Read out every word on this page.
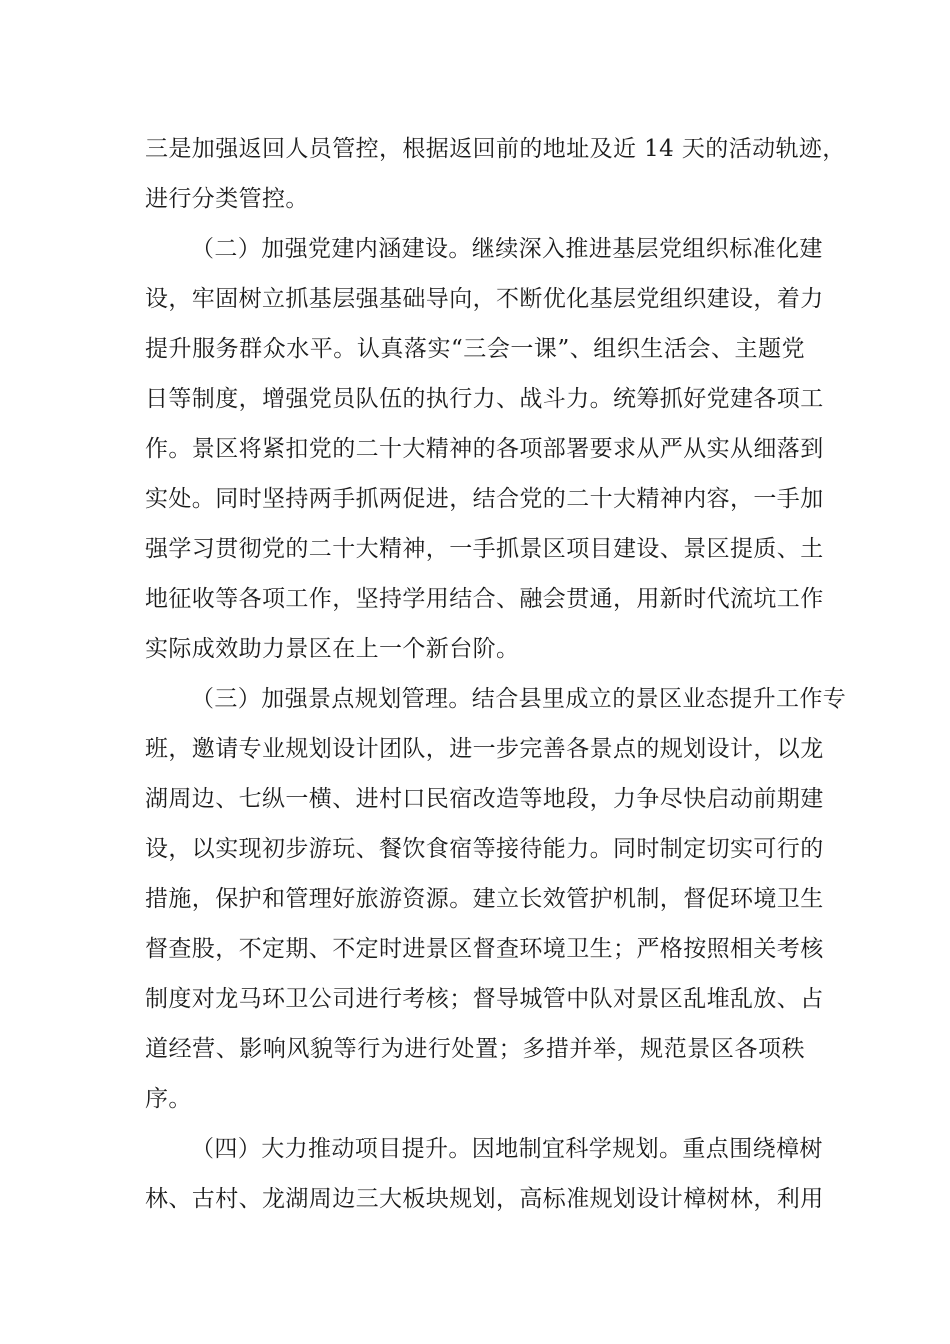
三是加强返回人员管控，根据返回前的地址及近 14 天的活动轨迹，
进行分类管控。
（二）加强党建内涵建设。继续深入推进基层党组织标准化建
设，牢固树立抓基层强基础导向，不断优化基层党组织建设，着力
提升服务群众水平。认真落实“三会一课”、组织生活会、主题党
日等制度，增强党员队伍的执行力、战斗力。统筹抓好党建各项工
作。景区将紧扣党的二十大精神的各项部署要求从严从实从细落到
实处。同时坚持两手抓两促进，结合党的二十大精神内容，一手加
强学习贯彻党的二十大精神，一手抓景区项目建设、景区提质、土
地征收等各项工作，坚持学用结合、融会贯通，用新时代流坑工作
实际成效助力景区在上一个新台阶。
（三）加强景点规划管理。结合县里成立的景区业态提升工作专
班，邀请专业规划设计团队，进一步完善各景点的规划设计，以龙
湖周边、七纵一横、进村口民宿改造等地段，力争尽快启动前期建
设，以实现初步游玩、餐饮食宿等接待能力。同时制定切实可行的
措施，保护和管理好旅游资源。建立长效管护机制，督促环境卫生
督查股，不定期、不定时进景区督查环境卫生；严格按照相关考核
制度对龙马环卫公司进行考核；督导城管中队对景区乱堆乱放、占
道经营、影响风貌等行为进行处置；多措并举，规范景区各项秩
序。
（四）大力推动项目提升。因地制宜科学规划。重点围绕樟树
林、古村、龙湖周边三大板块规划，高标准规划设计樟树林，利用
